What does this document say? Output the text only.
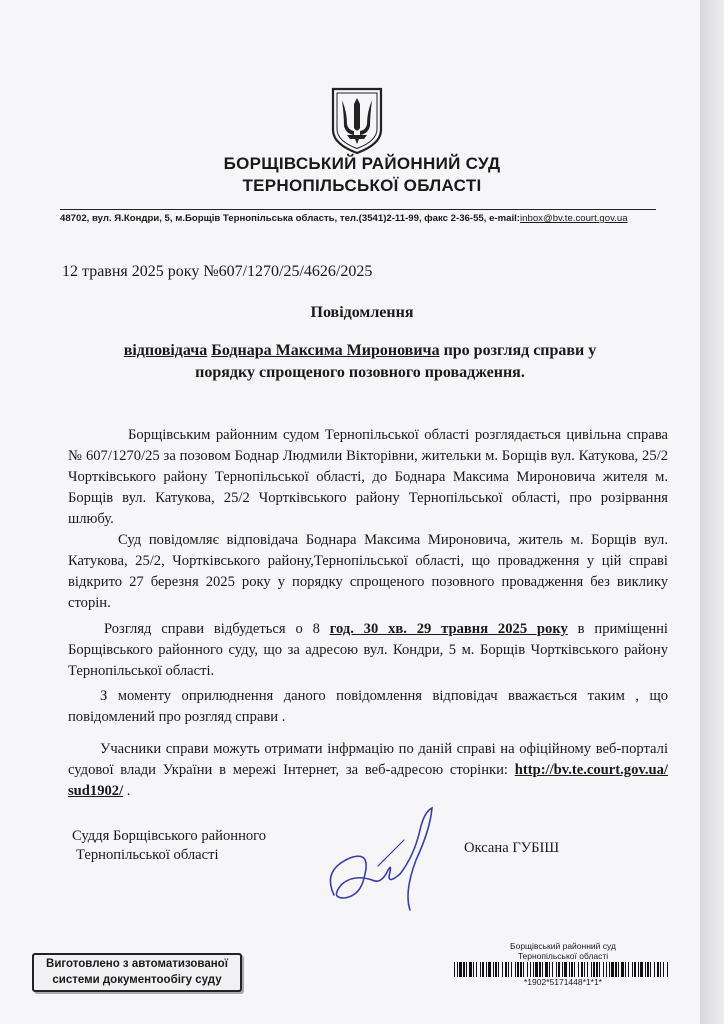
БОРЩІВСЬКИЙ РАЙОННИЙ СУД
ТЕРНОПІЛЬСЬКОЇ ОБЛАСТІ
48702, вул. Я.Кондри, 5, м.Борщів Тернопільська область, тел.(3541)2-11-99, факс 2-36-55, e-mail:inbox@bv.te.court.gov.ua
12 травня 2025 року №607/1270/25/4626/2025
Повідомлення
відповідача Боднара Максима Мироновича про розгляд справи у порядку спрощеного позовного провадження.
Борщівським районним судом Тернопільської області розглядається цивільна справа № 607/1270/25 за позовом Боднар Людмили Вікторівни, жительки м. Борщів вул. Катукова, 25/2 Чортківського району Тернопільської області, до Боднара Максима Мироновича жителя м. Борщів вул. Катукова, 25/2 Чортківського району Тернопільської області, про розірвання шлюбу.
Суд повідомляє відповідача Боднара Максима Мироновича, житель м. Борщів вул. Катукова, 25/2, Чортківського району,Тернопільської області, що провадження у цій справі відкрито 27 березня 2025 року у порядку спрощеного позовного провадження без виклику сторін.
Розгляд справи відбудеться о 8 год. 30 хв. 29 травня 2025 року в приміщенні Борщівського районного суду, що за адресою вул. Кондри, 5 м. Борщів Чортківського району Тернопільської області.
З моменту оприлюднення даного повідомлення відповідач вважається таким , що повідомлений про розгляд справи .
Учасники справи можуть отримати інфрмацію по даній справі на офіційному веб-порталі судової влади України в мережі Інтернет, за веб-адресою сторінки: http://bv.te.court.gov.ua/ sud1902/ .
Суддя Борщівського районного
Тернопільської області	Оксана ГУБІШ
Виготовлено з автоматизованої
системи документообігу суду
Борщівський районний суд
Тернопільської області
*1902*5171448*1*1*
